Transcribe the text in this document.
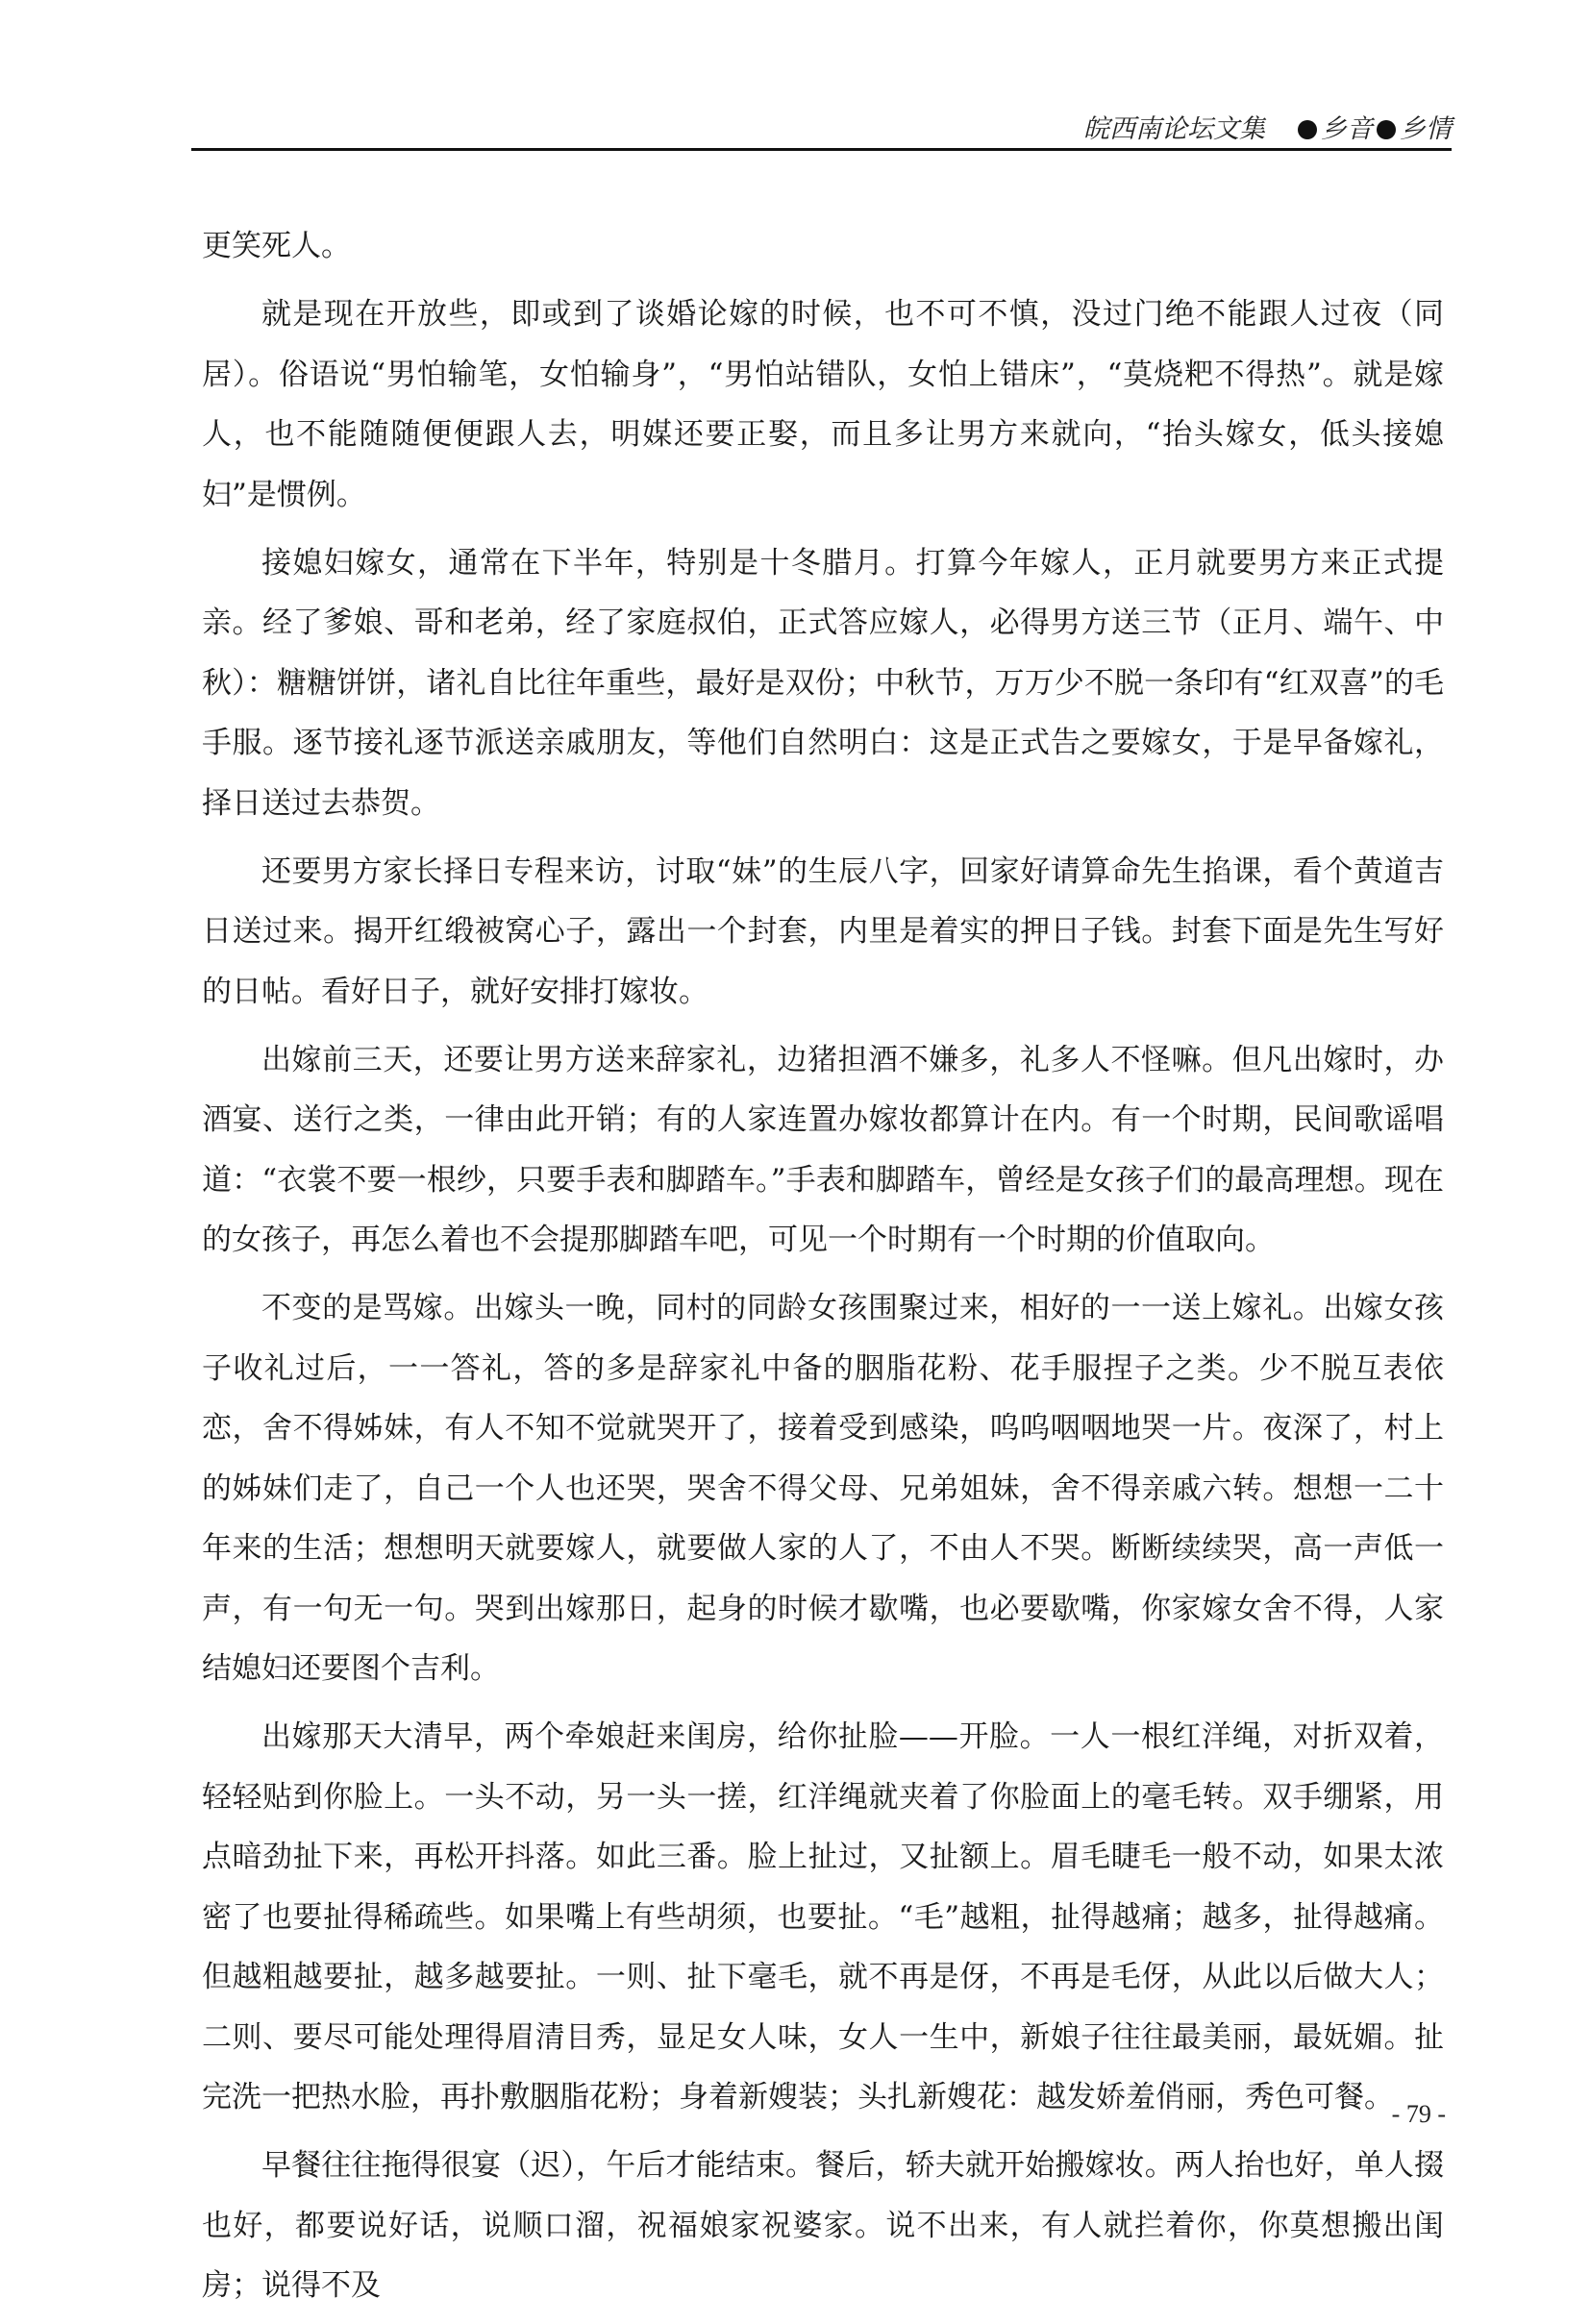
皖西南论坛文集 乡音 乡情

更笑死人。

就是现在开放些，即或到了谈婚论嫁的时候，也不可不慎，没过门绝不能跟人过夜（同居）。俗语说“男怕输笔，女怕输身”，“男怕站错队，女怕上错床”，“莫烧粑不得热”。就是嫁人，也不能随随便便跟人去，明媒还要正娶，而且多让男方来就向，“抬头嫁女，低头接媳妇”是惯例。

接媳妇嫁女，通常在下半年，特别是十冬腊月。打算今年嫁人，正月就要男方来正式提亲。经了爹娘、哥和老弟，经了家庭叔伯，正式答应嫁人，必得男方送三节（正月、端午、中秋）：糖糖饼饼，诸礼自比往年重些，最好是双份；中秋节，万万少不脱一条印有“红双喜”的毛手服。逐节接礼逐节派送亲戚朋友，等他们自然明白：这是正式告之要嫁女，于是早备嫁礼，择日送过去恭贺。

还要男方家长择日专程来访，讨取“妹”的生辰八字，回家好请算命先生掐课，看个黄道吉日送过来。揭开红缎被窝心子，露出一个封套，内里是着实的押日子钱。封套下面是先生写好的日帖。看好日子，就好安排打嫁妆。

出嫁前三天，还要让男方送来辞家礼，边猪担酒不嫌多，礼多人不怪嘛。但凡出嫁时，办酒宴、送行之类，一律由此开销；有的人家连置办嫁妆都算计在内。有一个时期，民间歌谣唱道：“衣裳不要一根纱，只要手表和脚踏车。”手表和脚踏车，曾经是女孩子们的最高理想。现在的女孩子，再怎么着也不会提那脚踏车吧，可见一个时期有一个时期的价值取向。

不变的是骂嫁。出嫁头一晚，同村的同龄女孩围聚过来，相好的一一送上嫁礼。出嫁女孩子收礼过后，一一答礼，答的多是辞家礼中备的胭脂花粉、花手服捏子之类。少不脱互表依恋，舍不得姊妹，有人不知不觉就哭开了，接着受到感染，呜呜咽咽地哭一片。夜深了，村上的姊妹们走了，自己一个人也还哭，哭舍不得父母、兄弟姐妹，舍不得亲戚六转。想想一二十年来的生活；想想明天就要嫁人，就要做人家的人了，不由人不哭。断断续续哭，高一声低一声，有一句无一句。哭到出嫁那日，起身的时候才歇嘴，也必要歇嘴，你家嫁女舍不得，人家结媳妇还要图个吉利。

出嫁那天大清早，两个牵娘赶来闺房，给你扯脸——开脸。一人一根红洋绳，对折双着，轻轻贴到你脸上。一头不动，另一头一搓，红洋绳就夹着了你脸面上的毫毛转。双手绷紧，用点暗劲扯下来，再松开抖落。如此三番。脸上扯过，又扯额上。眉毛睫毛一般不动，如果太浓密了也要扯得稀疏些。如果嘴上有些胡须，也要扯。“毛”越粗，扯得越痛；越多，扯得越痛。但越粗越要扯，越多越要扯。一则、扯下毫毛，就不再是伢，不再是毛伢，从此以后做大人；二则、要尽可能处理得眉清目秀，显足女人味，女人一生中，新娘子往往最美丽，最妩媚。扯完洗一把热水脸，再扑敷胭脂花粉；身着新嫂装；头扎新嫂花：越发娇羞俏丽，秀色可餐。

早餐往往拖得很宴（迟），午后才能结束。餐后，轿夫就开始搬嫁妆。两人抬也好，单人掇也好，都要说好话，说顺口溜，祝福娘家祝婆家。说不出来，有人就拦着你，你莫想搬出闺房；说得不及

- 79 -
